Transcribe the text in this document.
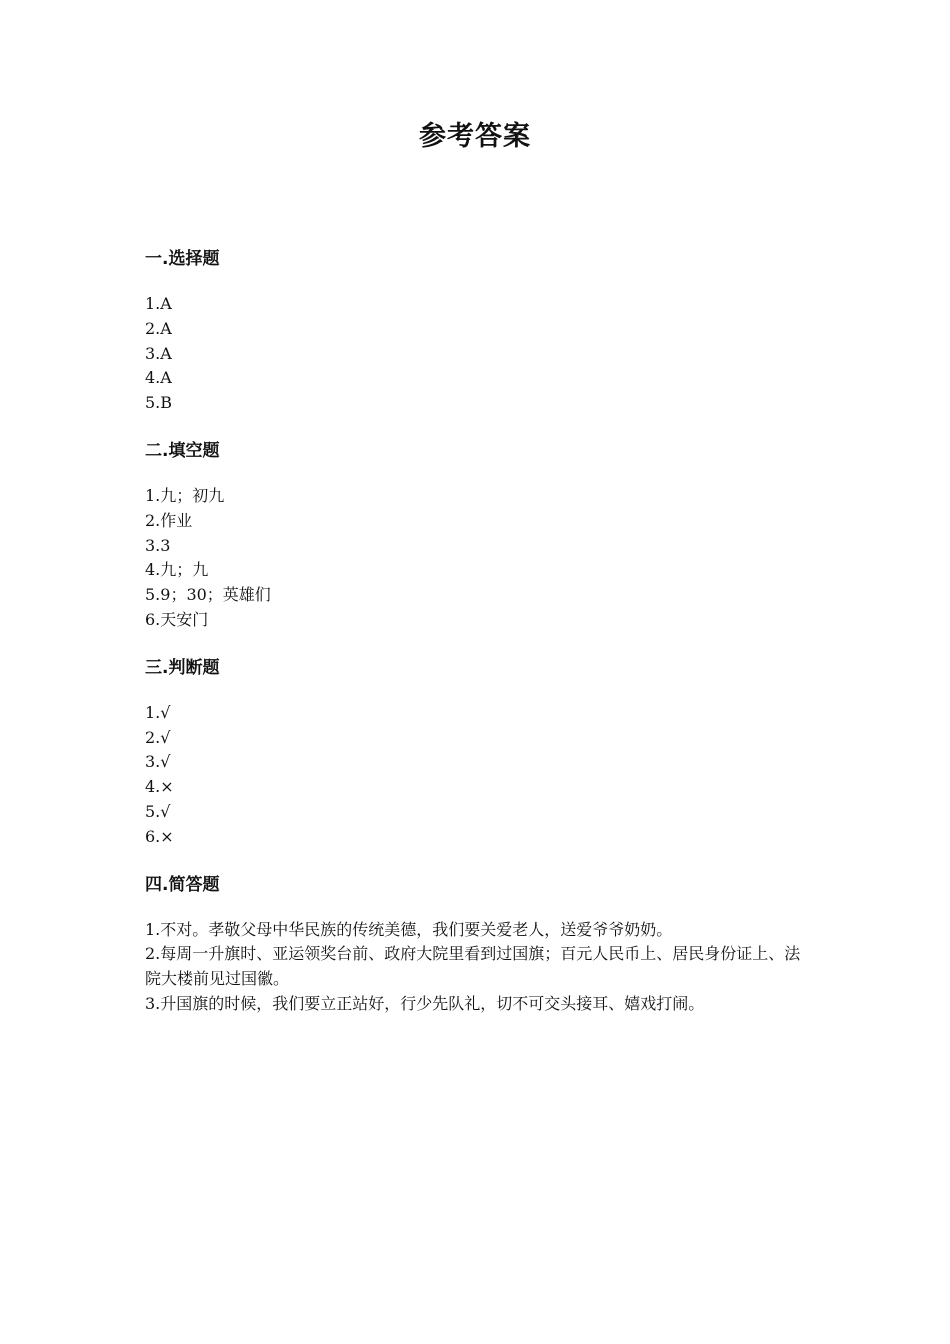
参考答案
一.选择题
1.A
2.A
3.A
4.A
5.B
二.填空题
1.九；初九
2.作业
3.3
4.九；九
5.9；30；英雄们
6.天安门
三.判断题
1.√
2.√
3.√
4.×
5.√
6.×
四.简答题
1.不对。孝敬父母中华民族的传统美德，我们要关爱老人，送爱爷爷奶奶。
2.每周一升旗时、亚运领奖台前、政府大院里看到过国旗；百元人民币上、居民身份证上、法院大楼前见过国徽。
3.升国旗的时候，我们要立正站好，行少先队礼，切不可交头接耳、嬉戏打闹。
